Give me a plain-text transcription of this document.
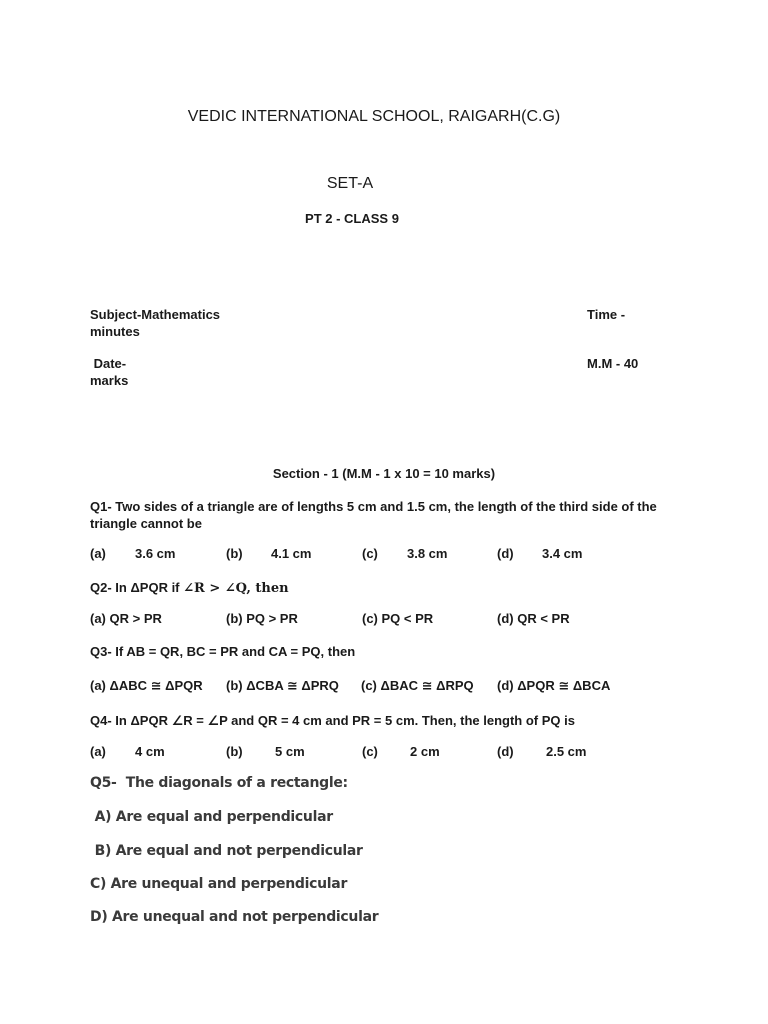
VEDIC INTERNATIONAL SCHOOL, RAIGARH(C.G)
SET-A
PT 2 - CLASS 9
Subject-Mathematics	Time -
minutes
Date-	M.M - 40
marks
Section - 1 (M.M - 1 x 10 = 10 marks)
Q1- Two sides of a triangle are of lengths 5 cm and 1.5 cm, the length of the third side of the triangle cannot be
(a) 3.6 cm	(b) 4.1 cm	(c) 3.8 cm	(d) 3.4 cm
Q2- In ΔPQR if ∠R > ∠Q, then
(a) QR > PR	(b) PQ > PR	(c) PQ < PR	(d) QR < PR
Q3- If AB = QR, BC = PR and CA = PQ, then
(a) ΔABC ≅ ΔPQR (b) ΔCBA ≅ ΔPRQ (c) ΔBAC ≅ ΔRPQ (d) ΔPQR ≅ ΔBCA
Q4- In ΔPQR ∠R = ∠P and QR = 4 cm and PR = 5 cm. Then, the length of PQ is
(a) 4 cm	(b) 5 cm	(c) 2 cm	(d) 2.5 cm
Q5-  The diagonals of a rectangle:
A) Are equal and perpendicular
B) Are equal and not perpendicular
C) Are unequal and perpendicular
D) Are unequal and not perpendicular
